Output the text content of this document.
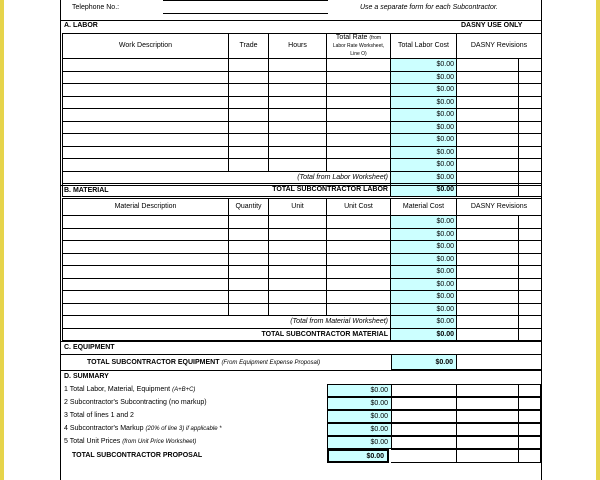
Telephone No.:	Use a separate form for each Subcontractor.
A. LABOR	DASNY USE ONLY
Work Description	Trade	Hours	Total Rate (from Labor Rate Worksheet, Line O)	Total Labor Cost	DASNY Revisions	
				$0.00		
				$0.00		
				$0.00		
				$0.00		
				$0.00		
				$0.00		
				$0.00		
				$0.00		
				$0.00		
(Total from Labor Worksheet)				$0.00		
TOTAL SUBCONTRACTOR LABOR				$0.00		
B. MATERIAL
Material Description	Quantity	Unit	Unit Cost	Material Cost	DASNY Revisions	
				$0.00		
				$0.00		
				$0.00		
				$0.00		
				$0.00		
				$0.00		
				$0.00		
				$0.00		
(Total from Material Worksheet)				$0.00		
TOTAL SUBCONTRACTOR MATERIAL				$0.00		
C. EQUIPMENT
TOTAL SUBCONTRACTOR EQUIPMENT (From Equipment Expense Proposal)	$0.00
D. SUMMARY
1 Total Labor, Material, Equipment (A+B+C)	$0.00
2 Subcontractor's Subcontracting (no markup)	$0.00
3 Total of lines 1 and 2	$0.00
4 Subcontractor's Markup (20% of line 3) if applicable *	$0.00
5 Total Unit Prices (from Unit Price Worksheet)	$0.00
TOTAL SUBCONTRACTOR PROPOSAL	$0.00
